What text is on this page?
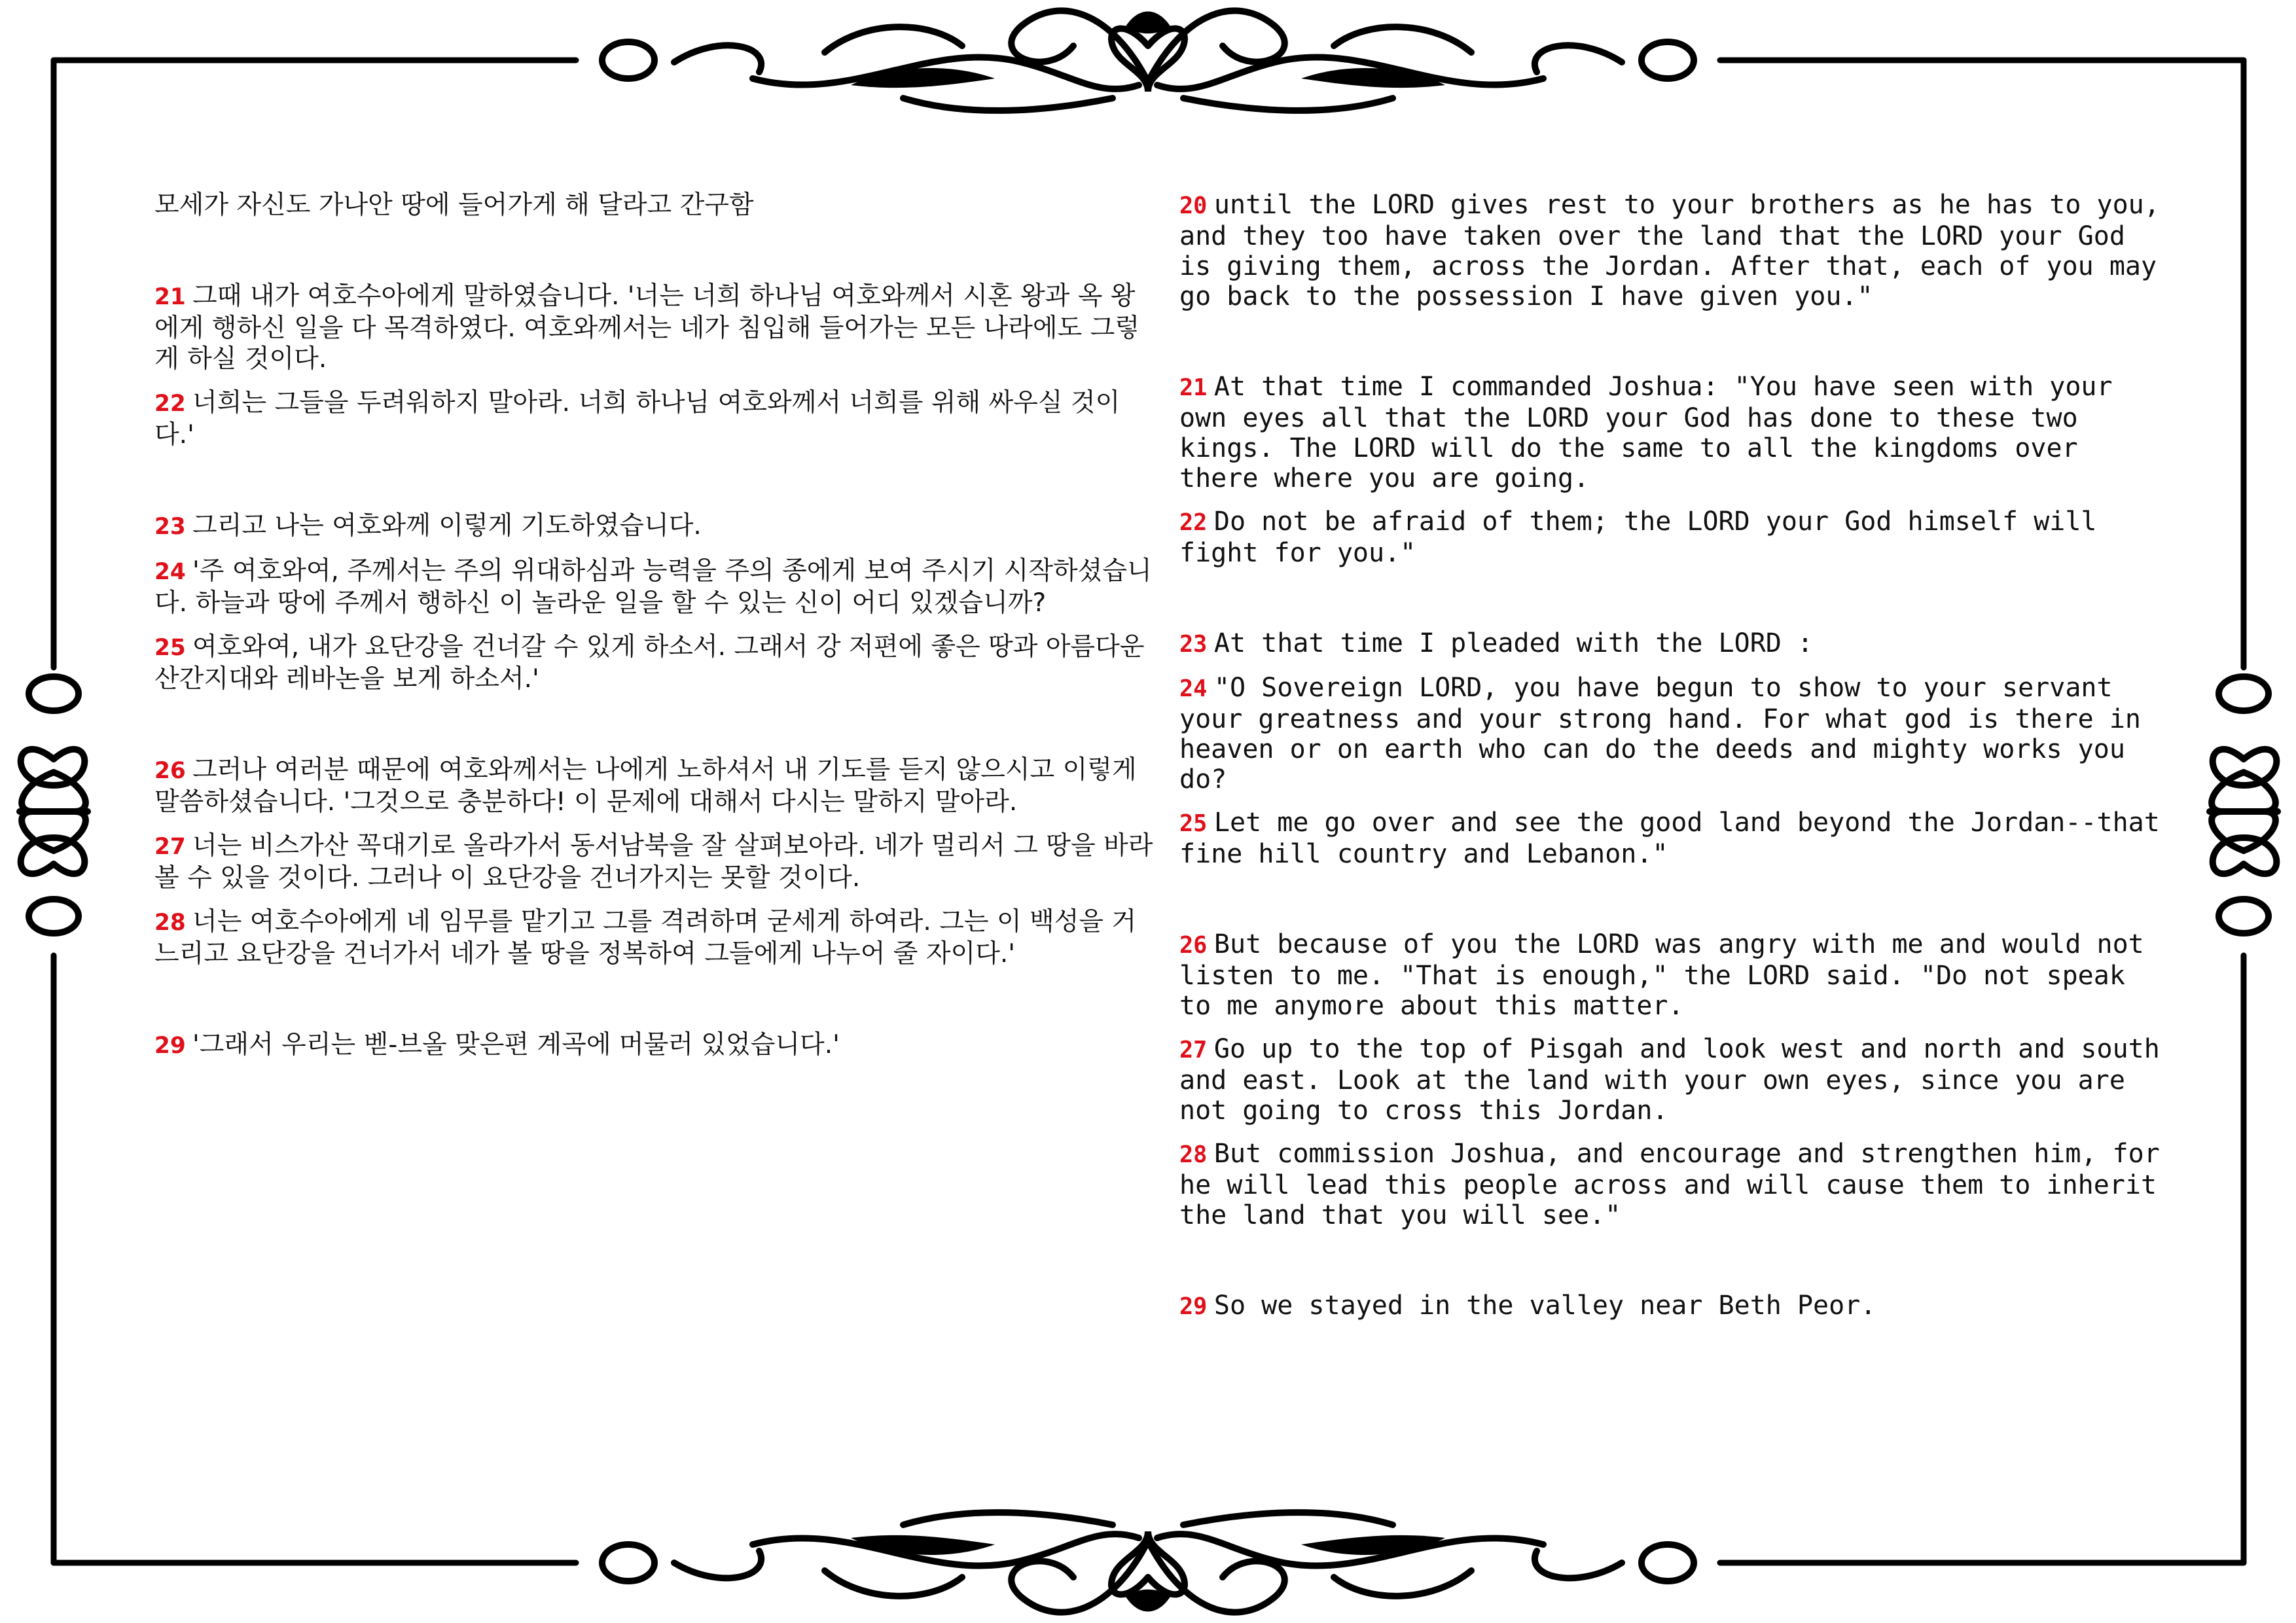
모세가 자신도 가나안 땅에 들어가게 해 달라고 간구함

21 그때 내가 여호수아에게 말하였습니다. '너는 너희 하나님 여호와께서 시혼 왕과 옥 왕에게 행하신 일을 다 목격하였다. 여호와께서는 네가 침입해 들어가는 모든 나라에도 그렇게 하실 것이다.

22 너희는 그들을 두려워하지 말아라. 너희 하나님 여호와께서 너희를 위해 싸우실 것이다.'

23 그리고 나는 여호와께 이렇게 기도하였습니다.

24 '주 여호와여, 주께서는 주의 위대하심과 능력을 주의 종에게 보여 주시기 시작하셨습니다. 하늘과 땅에 주께서 행하신 이 놀라운 일을 할 수 있는 신이 어디 있겠습니까?

25 여호와여, 내가 요단강을 건너갈 수 있게 하소서. 그래서 강 저편에 좋은 땅과 아름다운 산간지대와 레바논을 보게 하소서.'

26 그러나 여러분 때문에 여호와께서는 나에게 노하셔서 내 기도를 듣지 않으시고 이렇게 말씀하셨습니다. '그것으로 충분하다! 이 문제에 대해서 다시는 말하지 말아라.

27 너는 비스가산 꼭대기로 올라가서 동서남북을 잘 살펴보아라. 네가 멀리서 그 땅을 바라볼 수 있을 것이다. 그러나 이 요단강을 건너가지는 못할 것이다.

28 너는 여호수아에게 네 임무를 맡기고 그를 격려하며 굳세게 하여라. 그는 이 백성을 거느리고 요단강을 건너가서 네가 볼 땅을 정복하여 그들에게 나누어 줄 자이다.'

29 '그래서 우리는 벧-브올 맞은편 계곡에 머물러 있었습니다.'

20 until the LORD gives rest to your brothers as he has to you, and they too have taken over the land that the LORD your God is giving them, across the Jordan. After that, each of you may go back to the possession I have given you."

21 At that time I commanded Joshua: "You have seen with your own eyes all that the LORD your God has done to these two kings. The LORD will do the same to all the kingdoms over there where you are going.

22 Do not be afraid of them; the LORD your God himself will fight for you."

23 At that time I pleaded with the LORD :

24 "O Sovereign LORD, you have begun to show to your servant your greatness and your strong hand. For what god is there in heaven or on earth who can do the deeds and mighty works you do?

25 Let me go over and see the good land beyond the Jordan--that fine hill country and Lebanon."

26 But because of you the LORD was angry with me and would not listen to me. "That is enough," the LORD said. "Do not speak to me anymore about this matter.

27 Go up to the top of Pisgah and look west and north and south and east. Look at the land with your own eyes, since you are not going to cross this Jordan.

28 But commission Joshua, and encourage and strengthen him, for he will lead this people across and will cause them to inherit the land that you will see."

29 So we stayed in the valley near Beth Peor.
